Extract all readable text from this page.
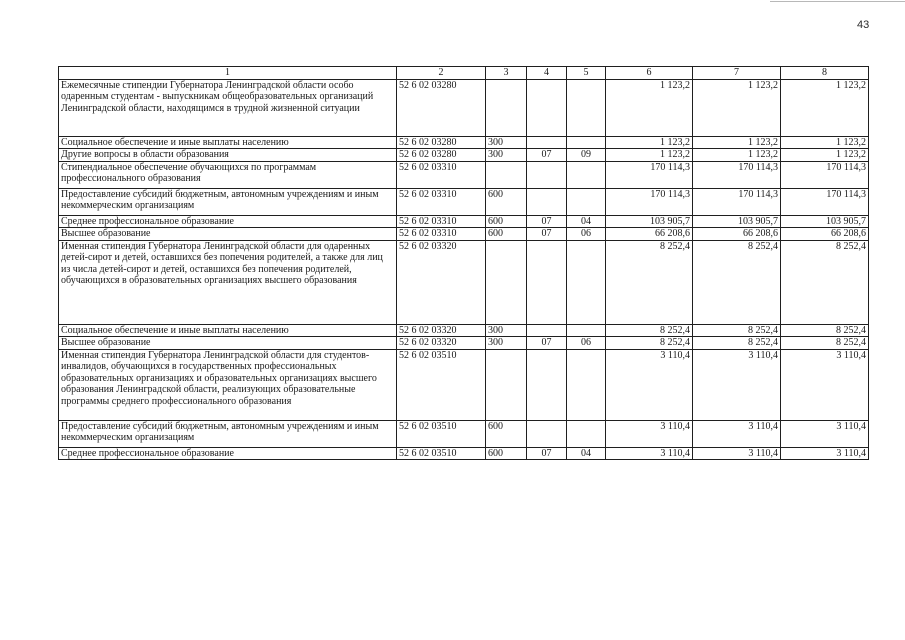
43
1	2	3	4	5	6	7	8
Ежемесячные стипендии Губернатора Ленинградской области особо одаренным студентам - выпускникам общеобразовательных организаций Ленинградской области, находящимся в трудной жизненной ситуации	52 6 02 03280				1 123,2	1 123,2	1 123,2
Социальное обеспечение и иные выплаты населению	52 6 02 03280	300			1 123,2	1 123,2	1 123,2
Другие вопросы в области образования	52 6 02 03280	300	07	09	1 123,2	1 123,2	1 123,2
Стипендиальное обеспечение обучающихся по программам профессионального образования	52 6 02 03310				170 114,3	170 114,3	170 114,3
Предоставление субсидий бюджетным, автономным учреждениям и иным некоммерческим организациям	52 6 02 03310	600			170 114,3	170 114,3	170 114,3
Среднее профессиональное образование	52 6 02 03310	600	07	04	103 905,7	103 905,7	103 905,7
Высшее образование	52 6 02 03310	600	07	06	66 208,6	66 208,6	66 208,6
Именная стипендия Губернатора Ленинградской области для одаренных детей-сирот и детей, оставшихся без попечения родителей, а также для лиц из числа детей-сирот и детей, оставшихся без попечения родителей, обучающихся в образовательных организациях высшего образования	52 6 02 03320				8 252,4	8 252,4	8 252,4
Социальное обеспечение и иные выплаты населению	52 6 02 03320	300			8 252,4	8 252,4	8 252,4
Высшее образование	52 6 02 03320	300	07	06	8 252,4	8 252,4	8 252,4
Именная стипендия Губернатора Ленинградской области для студентов-инвалидов, обучающихся в государственных профессиональных образовательных организациях и образовательных организациях высшего образования Ленинградской области, реализующих образовательные программы среднего профессионального образования	52 6 02 03510				3 110,4	3 110,4	3 110,4
Предоставление субсидий бюджетным, автономным учреждениям и иным некоммерческим организациям	52 6 02 03510	600			3 110,4	3 110,4	3 110,4
Среднее профессиональное образование	52 6 02 03510	600	07	04	3 110,4	3 110,4	3 110,4
